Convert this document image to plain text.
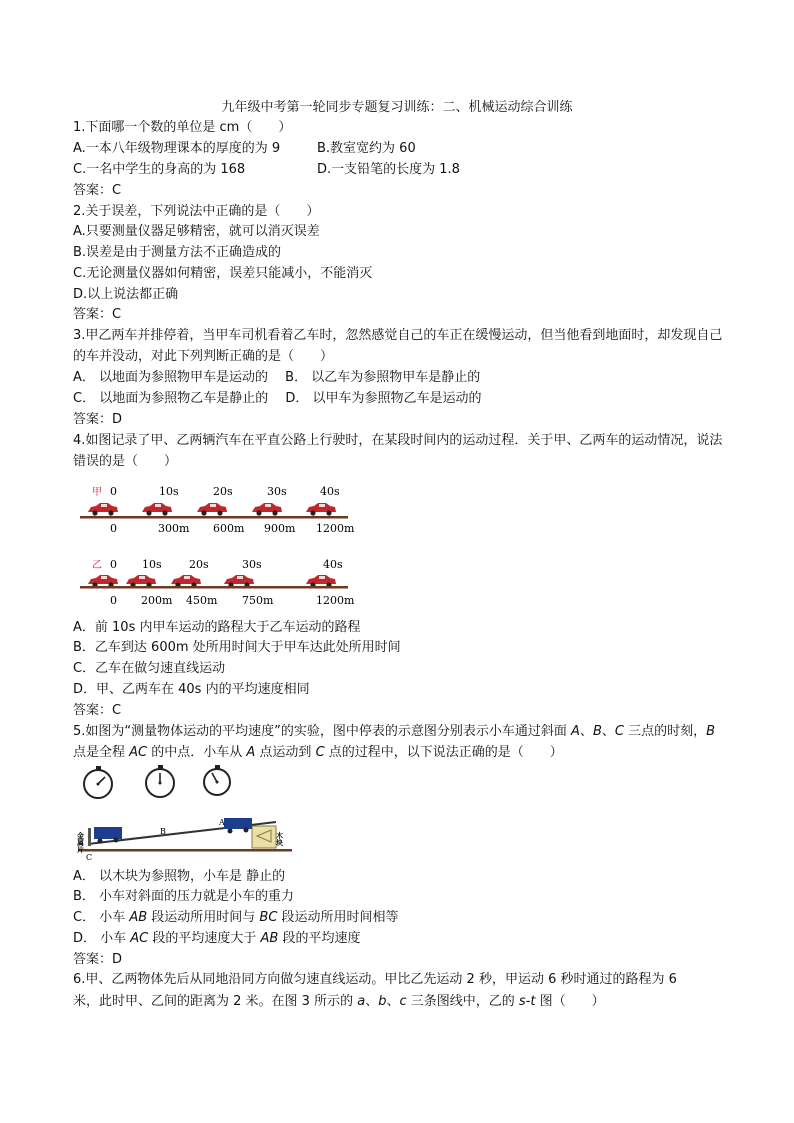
九年级中考第一轮同步专题复习训练：二、机械运动综合训练
1.下面哪一个数的单位是 cm（　　）
A.一本八年级物理课本的厚度的为 9	B.教室宽约为 60
C.一名中学生的身高的为 168	D.一支铅笔的长度为 1.8
答案：C
2.关于误差，下列说法中正确的是（　　）
A.只要测量仪器足够精密，就可以消灭误差
B.误差是由于测量方法不正确造成的
C.无论测量仪器如何精密，误差只能减小，不能消灭
D.以上说法都正确
答案：C
3.甲乙两车并排停着，当甲车司机看着乙车时，忽然感觉自己的车正在缓慢运动，但当他看到地面时，却发现自己的车并没动，对此下列判断正确的是（　　）
A． 以地面为参照物甲车是运动的　 B． 以乙车为参照物甲车是静止的
C． 以地面为参照物乙车是静止的　 D． 以甲车为参照物乙车是运动的
答案：D
4.如图记录了甲、乙两辆汽车在平直公路上行驶时，在某段时间内的运动过程．关于甲、乙两车的运动情况，说法错误的是（　　）
甲 0	10s	20s	30s	40s
0	300m 600m 900m 1200m
乙 0 10s 20s	30s	40s
0 200m 450m 750m	1200m
A．前 10s 内甲车运动的路程大于乙车运动的路程
B．乙车到达 600m 处所用时间大于甲车达此处所用时间
C．乙车在做匀速直线运动
D．甲、乙两车在 40s 内的平均速度相同
答案：C
5.如图为“测量物体运动的平均速度”的实验，图中停表的示意图分别表示小车通过斜面 A、B、C 三点的时刻，B 点是全程 AC 的中点．小车从 A 点运动到 C 点的过程中，以下说法正确的是（　　）
金属片	木块
B
A
C
A． 以木块为参照物，小车是 静止的
B． 小车对斜面的压力就是小车的重力
C． 小车 AB 段运动所用时间与 BC 段运动所用时间相等
D． 小车 AC 段的平均速度大于 AB 段的平均速度
答案：D
6.甲、乙两物体先后从同地沿同方向做匀速直线运动。甲比乙先运动 2 秒，甲运动 6 秒时通过的路程为 6
米，此时甲、乙间的距离为 2 米。在图 3 所示的 a、b、c 三条图线中，乙的 s-t 图（　　）
